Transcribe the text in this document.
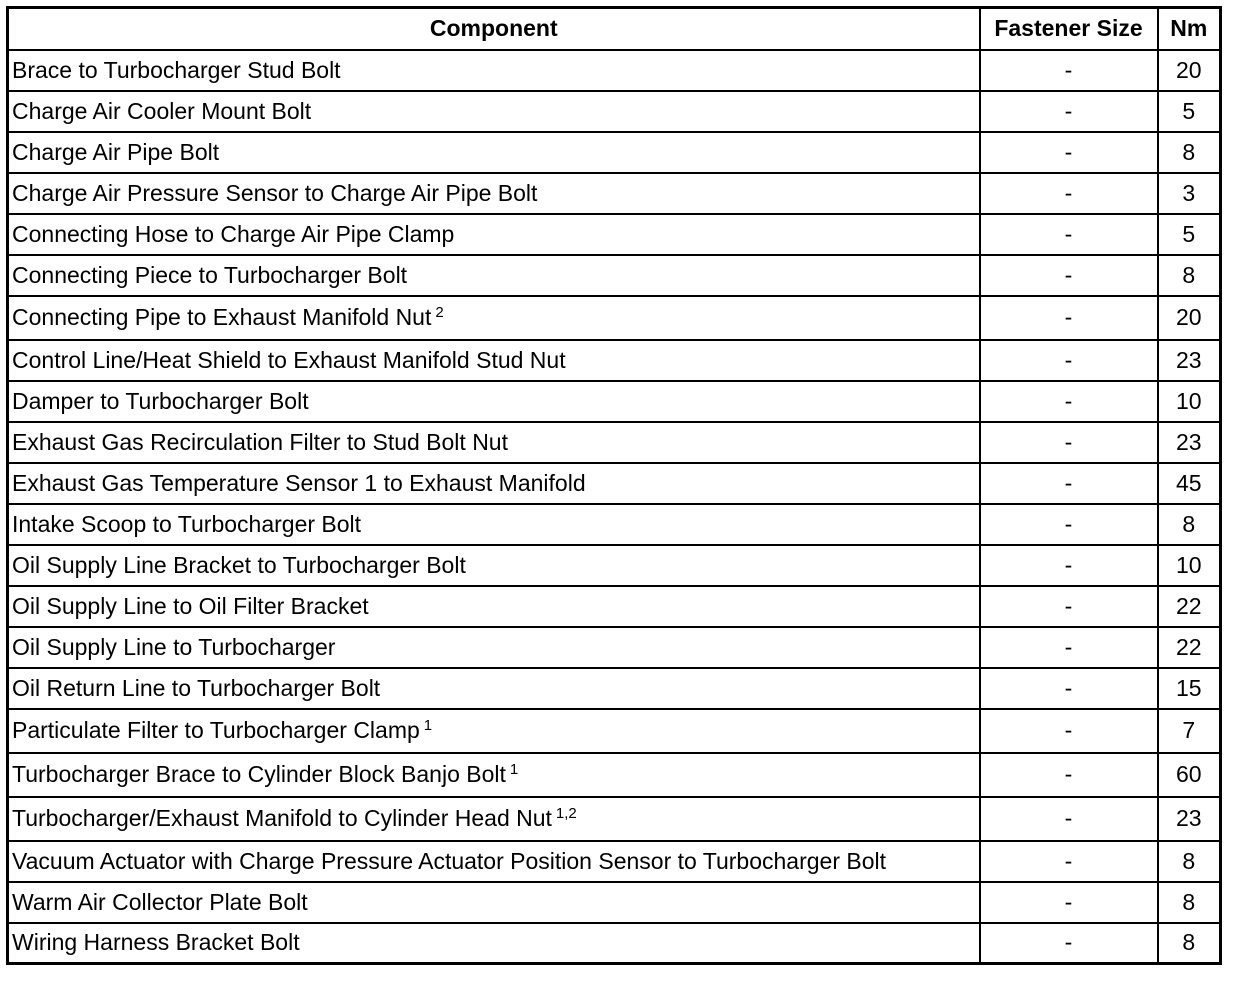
Component	Fastener Size	Nm
Brace to Turbocharger Stud Bolt	-	20
Charge Air Cooler Mount Bolt	-	5
Charge Air Pipe Bolt	-	8
Charge Air Pressure Sensor to Charge Air Pipe Bolt	-	3
Connecting Hose to Charge Air Pipe Clamp	-	5
Connecting Piece to Turbocharger Bolt	-	8
Connecting Pipe to Exhaust Manifold Nut $^2$	-	20
Control Line/Heat Shield to Exhaust Manifold Stud Nut	-	23
Damper to Turbocharger Bolt	-	10
Exhaust Gas Recirculation Filter to Stud Bolt Nut	-	23
Exhaust Gas Temperature Sensor 1 to Exhaust Manifold	-	45
Intake Scoop to Turbocharger Bolt	-	8
Oil Supply Line Bracket to Turbocharger Bolt	-	10
Oil Supply Line to Oil Filter Bracket	-	22
Oil Supply Line to Turbocharger	-	22
Oil Return Line to Turbocharger Bolt	-	15
Particulate Filter to Turbocharger Clamp $^1$	-	7
Turbocharger Brace to Cylinder Block Banjo Bolt $^1$	-	60
Turbocharger/Exhaust Manifold to Cylinder Head Nut $^{1,2}$	-	23
Vacuum Actuator with Charge Pressure Actuator Position Sensor to Turbocharger Bolt	-	8
Warm Air Collector Plate Bolt	-	8
Wiring Harness Bracket Bolt	-	8
